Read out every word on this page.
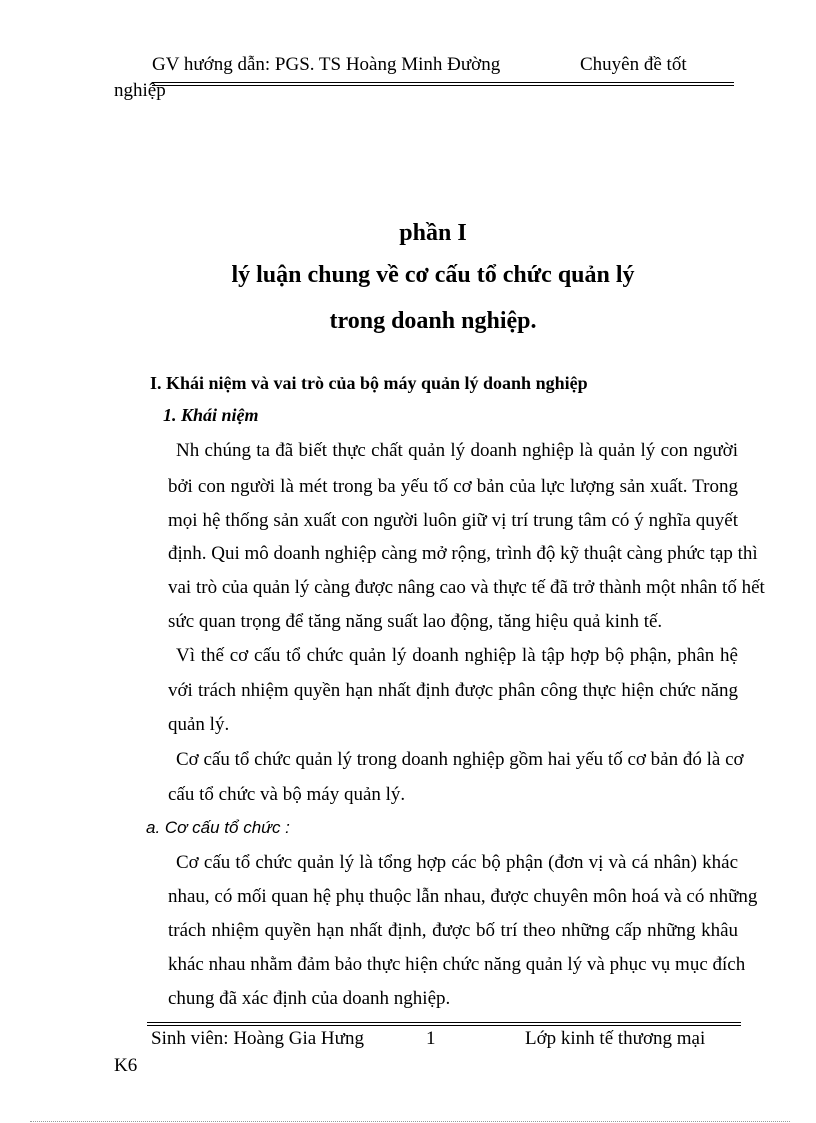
GV hướng dẫn: PGS. TS Hoàng Minh Đường	Chuyên đề tốt
nghiệp
phần I
lý luận chung về cơ cấu tổ chức quản lý
trong doanh nghiệp.
I. Khái niệm và vai trò của bộ máy quản lý doanh nghiệp
1. Khái niệm
Nh chúng ta đã biết thực chất quản lý doanh nghiệp là quản lý con người
bởi con người là mét trong ba yếu tố cơ bản của lực lượng sản xuất. Trong
mọi hệ thống sản xuất con người luôn giữ vị trí trung tâm có ý nghĩa quyết
định. Qui mô doanh nghiệp càng mở rộng, trình độ kỹ thuật càng phức tạp thì
vai trò của quản lý càng được nâng cao và thực tế đã trở thành một nhân tố hết
sức quan trọng để tăng năng suất lao động, tăng hiệu quả kinh tế.
Vì thế cơ cấu tổ chức quản lý doanh nghiệp là tập hợp bộ phận, phân hệ
với trách nhiệm quyền hạn nhất định được phân công thực hiện chức năng
quản lý.
Cơ cấu tổ chức quản lý trong doanh nghiệp gồm hai yếu tố cơ bản đó là cơ
cấu tổ chức và bộ máy quản lý.
a. Cơ cấu tổ chức :
Cơ cấu tổ chức quản lý là tổng hợp các bộ phận (đơn vị và cá nhân) khác
nhau, có mối quan hệ phụ thuộc lẫn nhau, được chuyên môn hoá và có những
trách nhiệm quyền hạn nhất định, được bố trí theo những cấp những khâu
khác nhau nhằm đảm bảo thực hiện chức năng quản lý và phục vụ mục đích
chung đã xác định của doanh nghiệp.
Sinh viên: Hoàng Gia Hưng	1	Lớp kinh tế thương mại
K6
